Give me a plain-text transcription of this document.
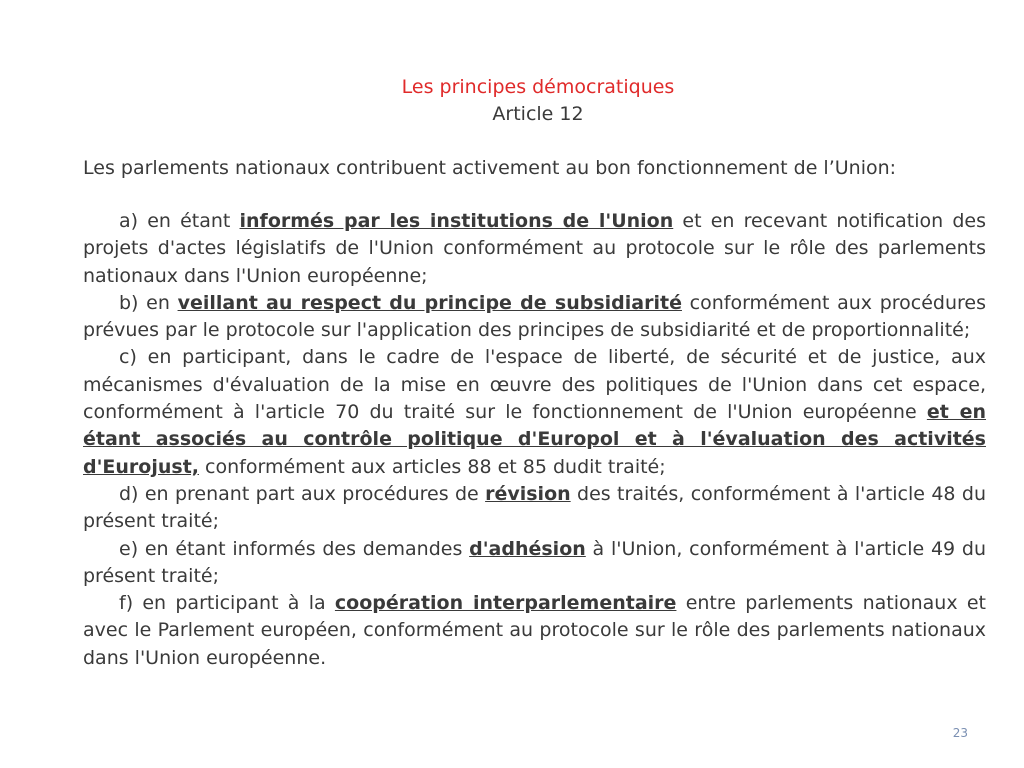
Les principes démocratiques
Article 12

Les parlements nationaux contribuent activement au bon fonctionnement de l’Union:

a) en étant informés par les institutions de l'Union et en recevant notification des projets d'actes législatifs de l'Union conformément au protocole sur le rôle des parlements nationaux dans l'Union européenne;

b) en veillant au respect du principe de subsidiarité conformément aux procédures prévues par le protocole sur l'application des principes de subsidiarité et de proportionnalité;

c) en participant, dans le cadre de l'espace de liberté, de sécurité et de justice, aux mécanismes d'évaluation de la mise en œuvre des politiques de l'Union dans cet espace, conformément à l'article 70 du traité sur le fonctionnement de l'Union européenne et en étant associés au contrôle politique d'Europol et à l'évaluation des activités d'Eurojust, conformément aux articles 88 et 85 dudit traité;

d) en prenant part aux procédures de révision des traités, conformément à l'article 48 du présent traité;

e) en étant informés des demandes d'adhésion à l'Union, conformément à l'article 49 du présent traité;

f) en participant à la coopération interparlementaire entre parlements nationaux et avec le Parlement européen, conformément au protocole sur le rôle des parlements nationaux dans l'Union européenne.

23
